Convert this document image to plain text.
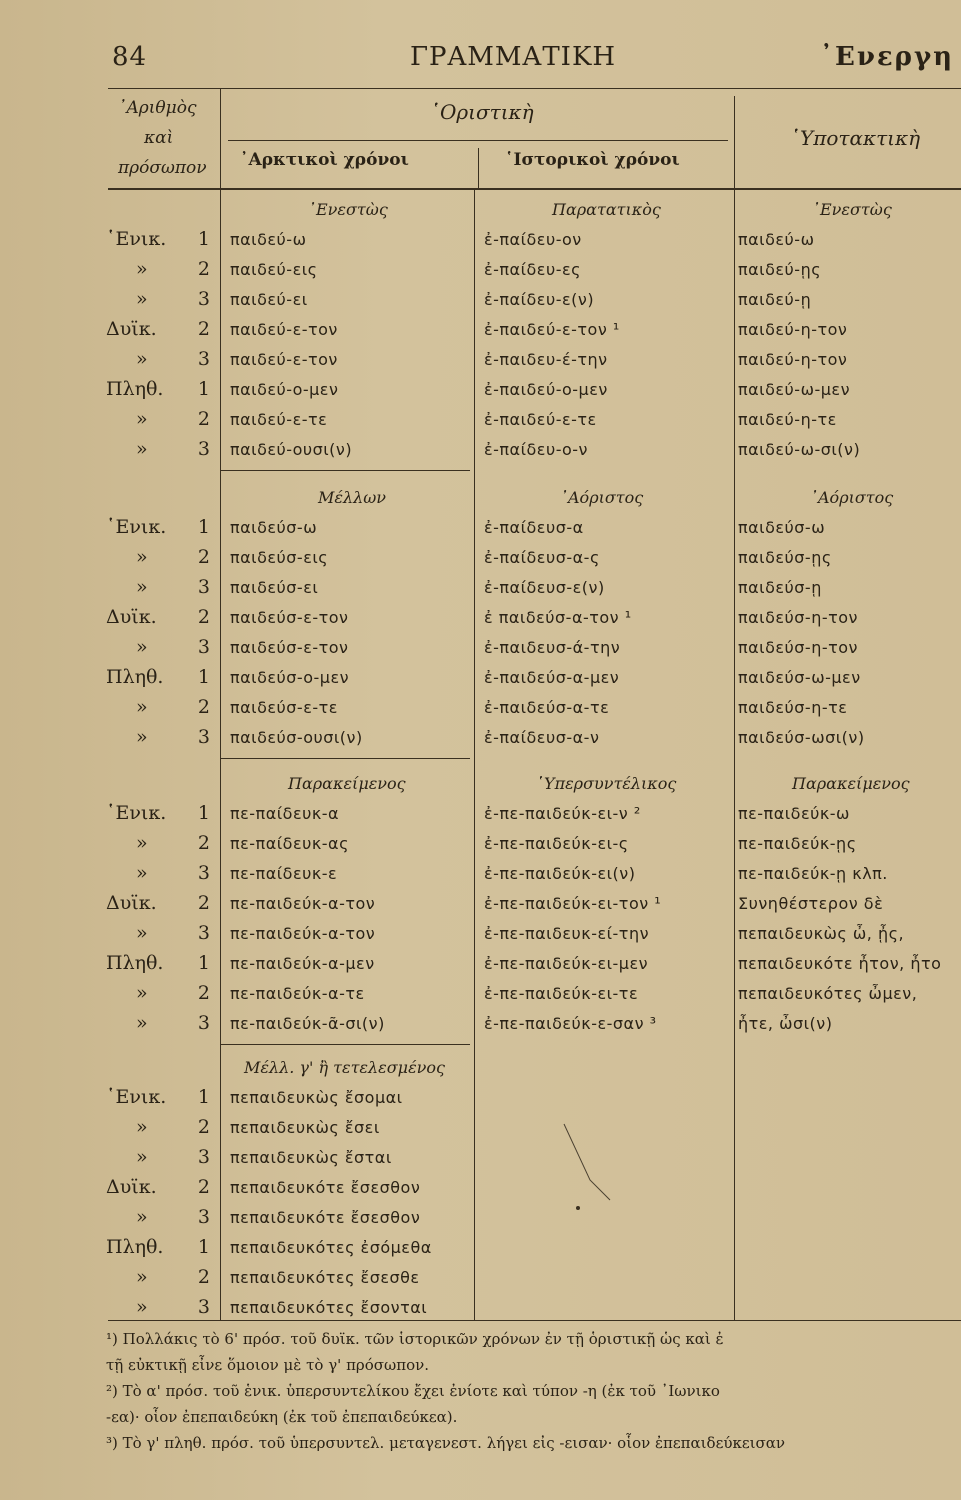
84	ΓΡΑΜΜΑΤΙΚΗ	᾿Ενεργη
᾿Αριθμὸς
καὶ
πρόσωπον
῾Οριστικὴ
᾿Αρκτικοὶ χρόνοι	῾Ιστορικοὶ χρόνοι
῾Υποτακτικὴ
᾿Ενεστὼς	Παρατατικὸς	᾿Ενεστὼς
Μέλλων	᾿Αόριστος	᾿Αόριστος
Παρακείμενος	῾Υπερσυντέλικος	Παρακείμενος
Μέλλ. γ' ἢ τετελεσμένος
῾Ενικ. 1 παιδεύ-ω	ἐ-παίδευ-ον	παιδεύ-ω
»	2 παιδεύ-εις	ἐ-παίδευ-ες	παιδεύ-ῃς
»	3 παιδεύ-ει	ἐ-παίδευ-ε(ν)	παιδεύ-ῃ
Δυϊκ. 2 παιδεύ-ε-τον	ἐ-παιδεύ-ε-τον ¹	παιδεύ-η-τον
»	3 παιδεύ-ε-τον	ἐ-παιδευ-έ-την	παιδεύ-η-τον
Πληθ. 1 παιδεύ-ο-μεν	ἐ-παιδεύ-ο-μεν	παιδεύ-ω-μεν
»	2 παιδεύ-ε-τε	ἐ-παιδεύ-ε-τε	παιδεύ-η-τε
»	3 παιδεύ-ουσι(ν)	ἐ-παίδευ-ο-ν	παιδεύ-ω-σι(ν)
῾Ενικ. 1 παιδεύσ-ω	ἐ-παίδευσ-α	παιδεύσ-ω
»	2 παιδεύσ-εις	ἐ-παίδευσ-α-ς	παιδεύσ-ῃς
»	3 παιδεύσ-ει	ἐ-παίδευσ-ε(ν)	παιδεύσ-ῃ
Δυϊκ. 2 παιδεύσ-ε-τον	ἐ παιδεύσ-α-τον ¹	παιδεύσ-η-τον
»	3 παιδεύσ-ε-τον	ἐ-παιδευσ-ά-την	παιδεύσ-η-τον
Πληθ. 1 παιδεύσ-ο-μεν	ἐ-παιδεύσ-α-μεν	παιδεύσ-ω-μεν
»	2 παιδεύσ-ε-τε	ἐ-παιδεύσ-α-τε	παιδεύσ-η-τε
»	3 παιδεύσ-ουσι(ν)	ἐ-παίδευσ-α-ν	παιδεύσ-ωσι(ν)
῾Ενικ. 1 πε-παίδευκ-α	ἐ-πε-παιδεύκ-ει-ν ²	πε-παιδεύκ-ω
»	2 πε-παίδευκ-ας	ἐ-πε-παιδεύκ-ει-ς	πε-παιδεύκ-ῃς
»	3 πε-παίδευκ-ε	ἐ-πε-παιδεύκ-ει(ν)	πε-παιδεύκ-ῃ κλπ.
Δυϊκ. 2 πε-παιδεύκ-α-τον	ἐ-πε-παιδεύκ-ει-τον ¹	Συνηθέστερον δὲ
»	3 πε-παιδεύκ-α-τον	ἐ-πε-παιδευκ-εί-την	πεπαιδευκὼς ὦ, ᾖς,
Πληθ. 1 πε-παιδεύκ-α-μεν	ἐ-πε-παιδεύκ-ει-μεν	πεπαιδευκότε ἦτον, ἦτο
»	2 πε-παιδεύκ-α-τε	ἐ-πε-παιδεύκ-ει-τε	πεπαιδευκότες ὦμεν,
»	3 πε-παιδεύκ-ᾶ-σι(ν)	ἐ-πε-παιδεύκ-ε-σαν ³	ἦτε, ὦσι(ν)
῾Ενικ. 1 πεπαιδευκὼς ἔσομαι
»	2 πεπαιδευκὼς ἔσει
»	3 πεπαιδευκὼς ἔσται
Δυϊκ. 2 πεπαιδευκότε ἔσεσθον
»	3 πεπαιδευκότε ἔσεσθον
Πληθ. 1 πεπαιδευκότες ἐσόμεθα
»	2 πεπαιδευκότες ἔσεσθε
»	3 πεπαιδευκότες ἔσονται
¹) Πολλάκις τὸ 6' πρόσ. τοῦ δυϊκ. τῶν ἱστορικῶν χρόνων ἐν τῇ ὁριστικῇ ὡς καὶ ἐ
τῇ εὐκτικῇ εἶνε ὅμοιον μὲ τὸ γ' πρόσωπον.
²) Τὸ α' πρόσ. τοῦ ἑνικ. ὑπερσυντελίκου ἔχει ἐνίοτε καὶ τύπον -η (ἐκ τοῦ ᾿Ιωνικο
-εα)· οἷον ἐπεπαιδεύκη (ἐκ τοῦ ἐπεπαιδεύκεα).
³) Τὸ γ' πληθ. πρόσ. τοῦ ὑπερσυντελ. μεταγενεστ. λήγει εἰς -εισαν· οἷον ἐπεπαιδεύκεισαν
